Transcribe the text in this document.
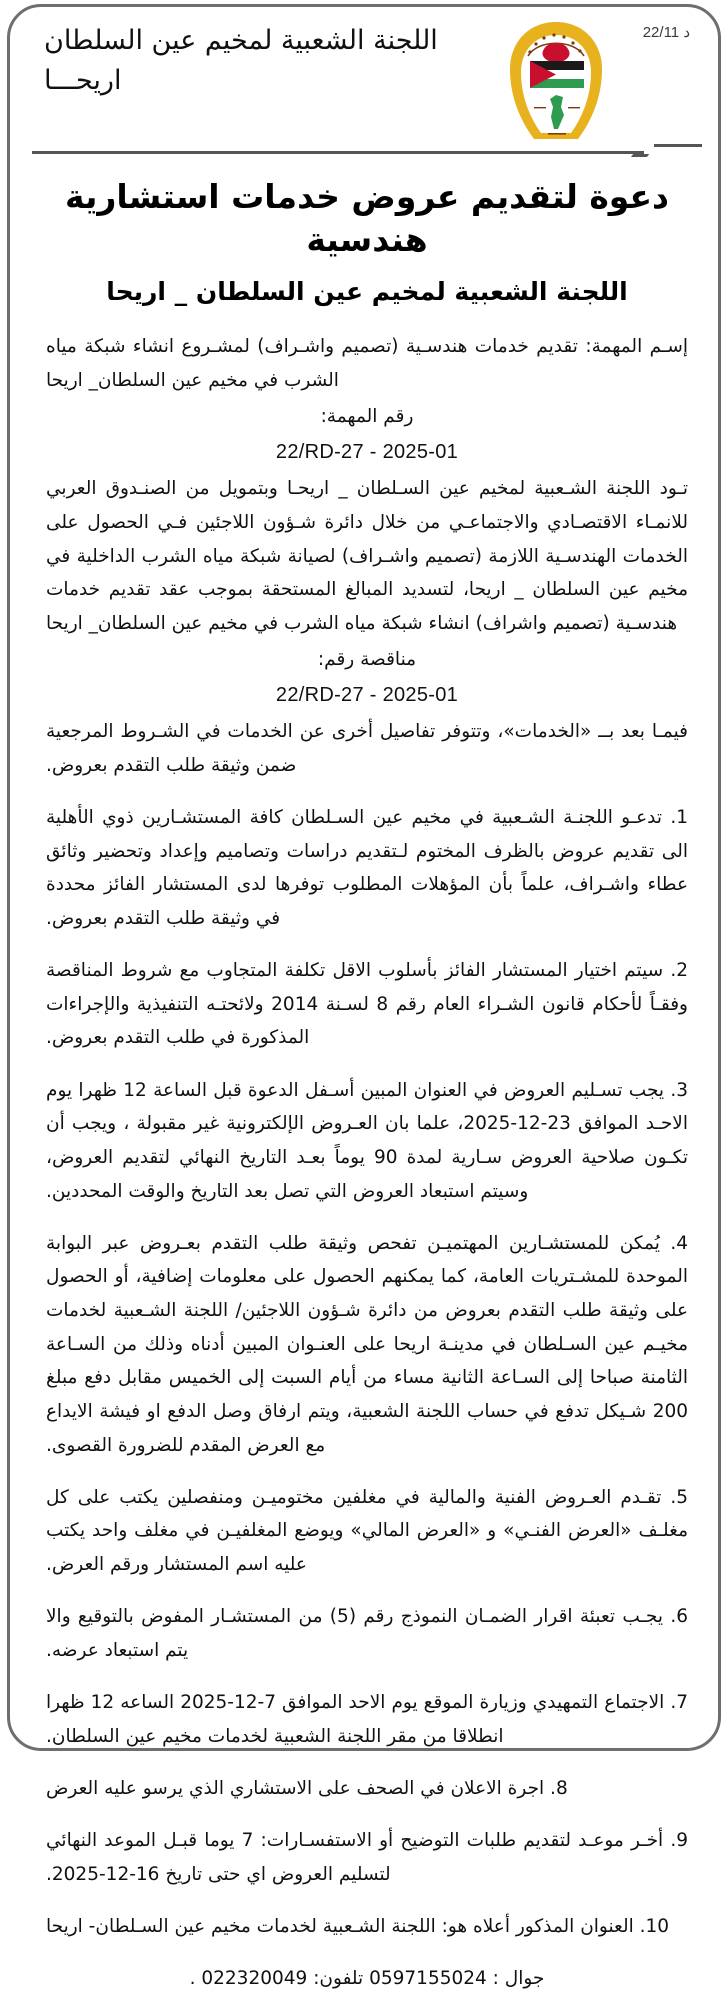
22/11 د
اللجنة الشعبية لمخيم عين السلطان
اريحـــا
دعوة لتقديم عروض خدمات استشارية هندسية
اللجنة الشعبية لمخيم عين السلطان _ اريحا

إسـم المهمة: تقديم خدمات هندسـية (تصميم واشـراف) لمشـروع انشاء شبكة مياه الشرب في مخيم عين السلطان_ اريحا

رقم المهمة:

22/RD-27 - 2025-01

تـود اللجنة الشـعبية لمخيم عين السـلطان _ اريحـا وبتمويل من الصنـدوق العربي للانمـاء الاقتصـادي والاجتماعـي من خلال دائرة شـؤون اللاجئين فـي الحصول على الخدمات الهندسـية اللازمة (تصميم واشـراف) لصيانة شبكة مياه الشرب الداخلية في مخيم عين السلطان _ اريحا، لتسديد المبالغ المستحقة بموجب عقد تقديم خدمات هندسـية (تصميم واشراف) انشاء شبكة مياه الشرب في مخيم عين السلطان_ اريحا

مناقصة رقم:

22/RD-27 - 2025-01

فيمـا بعد بــ «الخدمات»، وتتوفر تفاصيل أخرى عن الخدمات في الشـروط المرجعية ضمن وثيقة طلب التقدم بعروض.

1. تدعـو اللجنـة الشـعبية في مخيم عين السـلطان كافة المستشـارين ذوي الأهلية الى تقديم عروض بالظرف المختوم لـتقديم دراسات وتصاميم وإعداد وتحضير وثائق عطاء واشـراف، علماً بأن المؤهلات المطلوب توفرها لدى المستشار الفائز محددة في وثيقة طلب التقدم بعروض.

2. سيتم اختيار المستشار الفائز بأسلوب الاقل تكلفة المتجاوب مع شروط المناقصة وفقـاً لأحكام قانون الشـراء العام رقم 8 لسـنة 2014 ولائحتـه التنفيذية والإجراءات المذكورة في طلب التقدم بعروض.

3. يجب تسـليم العروض في العنوان المبين أسـفل الدعوة قبل الساعة 12 ظهرا يوم الاحـد الموافق 23-12-2025، علما بان العـروض الإلكترونية غير مقبولة ، ويجب أن تكـون صلاحية العروض سـارية لمدة 90 يوماً بعـد التاريخ النهائي لتقديم العروض، وسيتم استبعاد العروض التي تصل بعد التاريخ والوقت المحددين.

4. يُمكن للمستشـارين المهتميـن تفحص وثيقة طلب التقدم بعـروض عبر البوابة الموحدة للمشـتريات العامة، كما يمكنهم الحصول على معلومات إضافية، أو الحصول على وثيقة طلب التقدم بعروض من دائرة شـؤون اللاجئين/ اللجنة الشـعبية لخدمات مخيـم عين السـلطان في مدينـة اريحا على العنـوان المبين أدناه وذلك من السـاعة الثامنة صباحا إلى السـاعة الثانية مساء من أيام السبت إلى الخميس مقابل دفع مبلغ 200 شـيكل تدفع في حساب اللجنة الشعبية، ويتم ارفاق وصل الدفع او فيشة الايداع مع العرض المقدم للضرورة القصوى.

5. تقـدم العـروض الفنية والمالية في مغلفين مختوميـن ومنفصلين يكتب على كل مغلـف «العرض الفنـي» و «العرض المالي» ويوضع المغلفيـن في مغلف واحد يكتب عليه اسم المستشار ورقم العرض.

6. يجـب تعبئة اقرار الضمـان النموذج رقم (5) من المستشـار المفوض بالتوقيع والا يتم استبعاد عرضه.

7. الاجتماع التمهيدي وزيارة الموقع يوم الاحد الموافق 7-12-2025 الساعه 12 ظهرا انطلاقا من مقر اللجنة الشعبية لخدمات مخيم عين السلطان.

8. اجرة الاعلان في الصحف على الاستشاري الذي يرسو عليه العرض

9. أخـر موعـد لتقديم طلبات التوضيح أو الاستفسـارات: 7 يوما قبـل الموعد النهائي لتسليم العروض اي حتى تاريخ 16-12-2025.

10. العنوان المذكور أعلاه هو: اللجنة الشـعبية لخدمات مخيم عين السـلطان- اريحا

جوال : 0597155024 تلفون: 022320049 .
